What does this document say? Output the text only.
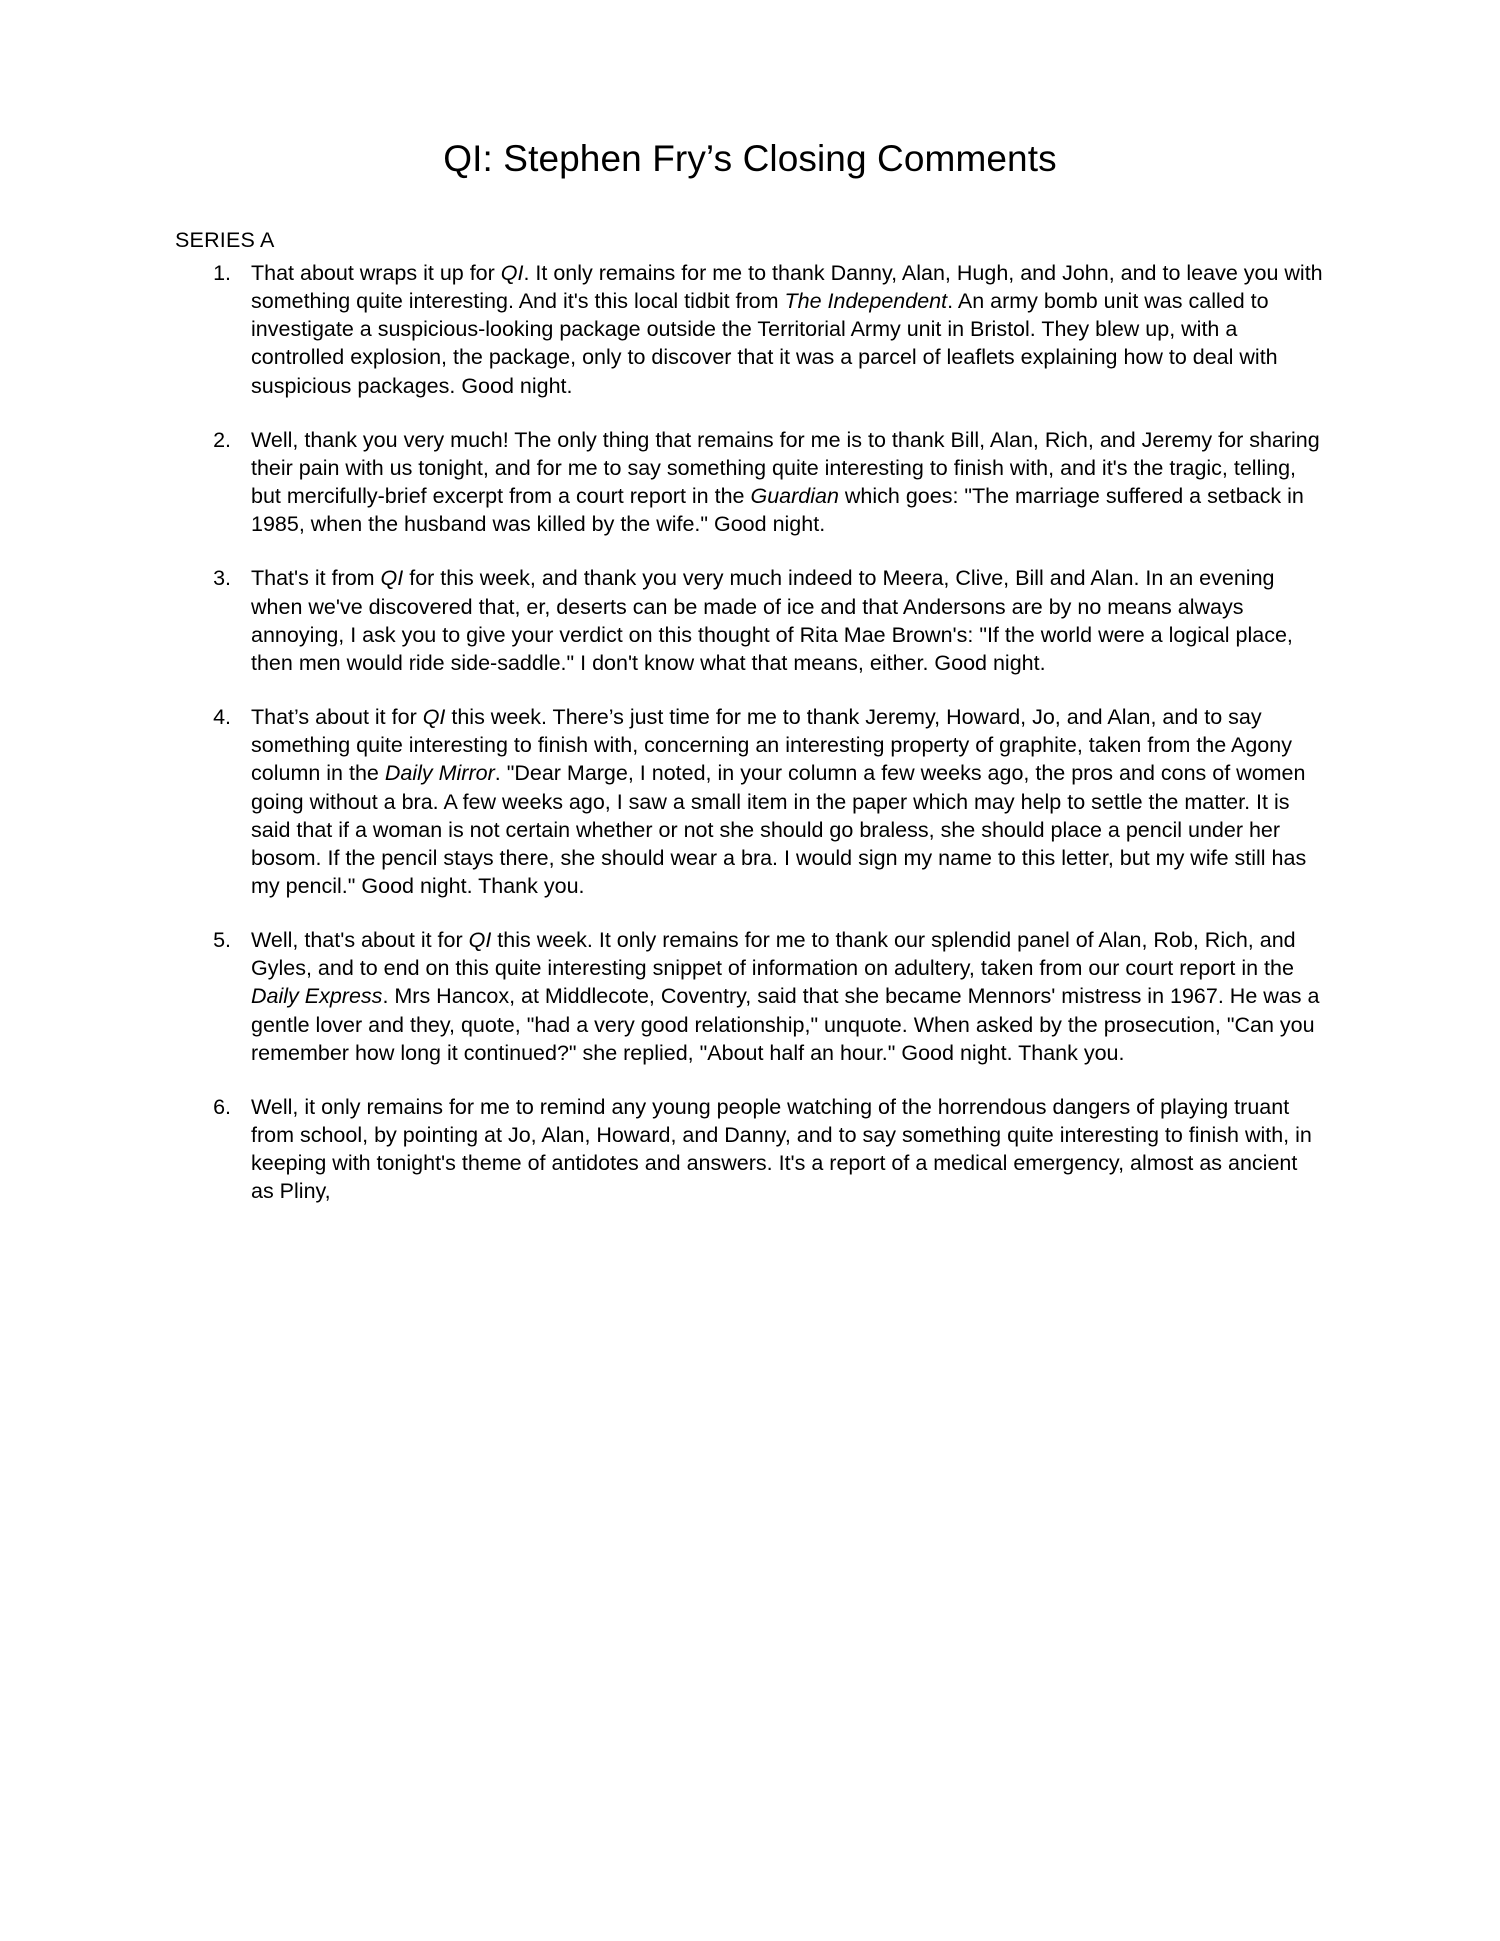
QI: Stephen Fry’s Closing Comments
SERIES A
1. That about wraps it up for QI. It only remains for me to thank Danny, Alan, Hugh, and John, and to leave you with something quite interesting. And it's this local tidbit from The Independent. An army bomb unit was called to investigate a suspicious-looking package outside the Territorial Army unit in Bristol. They blew up, with a controlled explosion, the package, only to discover that it was a parcel of leaflets explaining how to deal with suspicious packages. Good night.
2. Well, thank you very much! The only thing that remains for me is to thank Bill, Alan, Rich, and Jeremy for sharing their pain with us tonight, and for me to say something quite interesting to finish with, and it's the tragic, telling, but mercifully-brief excerpt from a court report in the Guardian which goes: "The marriage suffered a setback in 1985, when the husband was killed by the wife." Good night.
3. That's it from QI for this week, and thank you very much indeed to Meera, Clive, Bill and Alan. In an evening when we've discovered that, er, deserts can be made of ice and that Andersons are by no means always annoying, I ask you to give your verdict on this thought of Rita Mae Brown's: "If the world were a logical place, then men would ride side-saddle." I don't know what that means, either. Good night.
4. That’s about it for QI this week. There’s just time for me to thank Jeremy, Howard, Jo, and Alan, and to say something quite interesting to finish with, concerning an interesting property of graphite, taken from the Agony column in the Daily Mirror. "Dear Marge, I noted, in your column a few weeks ago, the pros and cons of women going without a bra. A few weeks ago, I saw a small item in the paper which may help to settle the matter. It is said that if a woman is not certain whether or not she should go braless, she should place a pencil under her bosom. If the pencil stays there, she should wear a bra. I would sign my name to this letter, but my wife still has my pencil." Good night. Thank you.
5. Well, that's about it for QI this week. It only remains for me to thank our splendid panel of Alan, Rob, Rich, and Gyles, and to end on this quite interesting snippet of information on adultery, taken from our court report in the Daily Express. Mrs Hancox, at Middlecote, Coventry, said that she became Mennors' mistress in 1967. He was a gentle lover and they, quote, "had a very good relationship," unquote. When asked by the prosecution, "Can you remember how long it continued?" she replied, "About half an hour." Good night. Thank you.
6. Well, it only remains for me to remind any young people watching of the horrendous dangers of playing truant from school, by pointing at Jo, Alan, Howard, and Danny, and to say something quite interesting to finish with, in keeping with tonight's theme of antidotes and answers. It's a report of a medical emergency, almost as ancient as Pliny,
